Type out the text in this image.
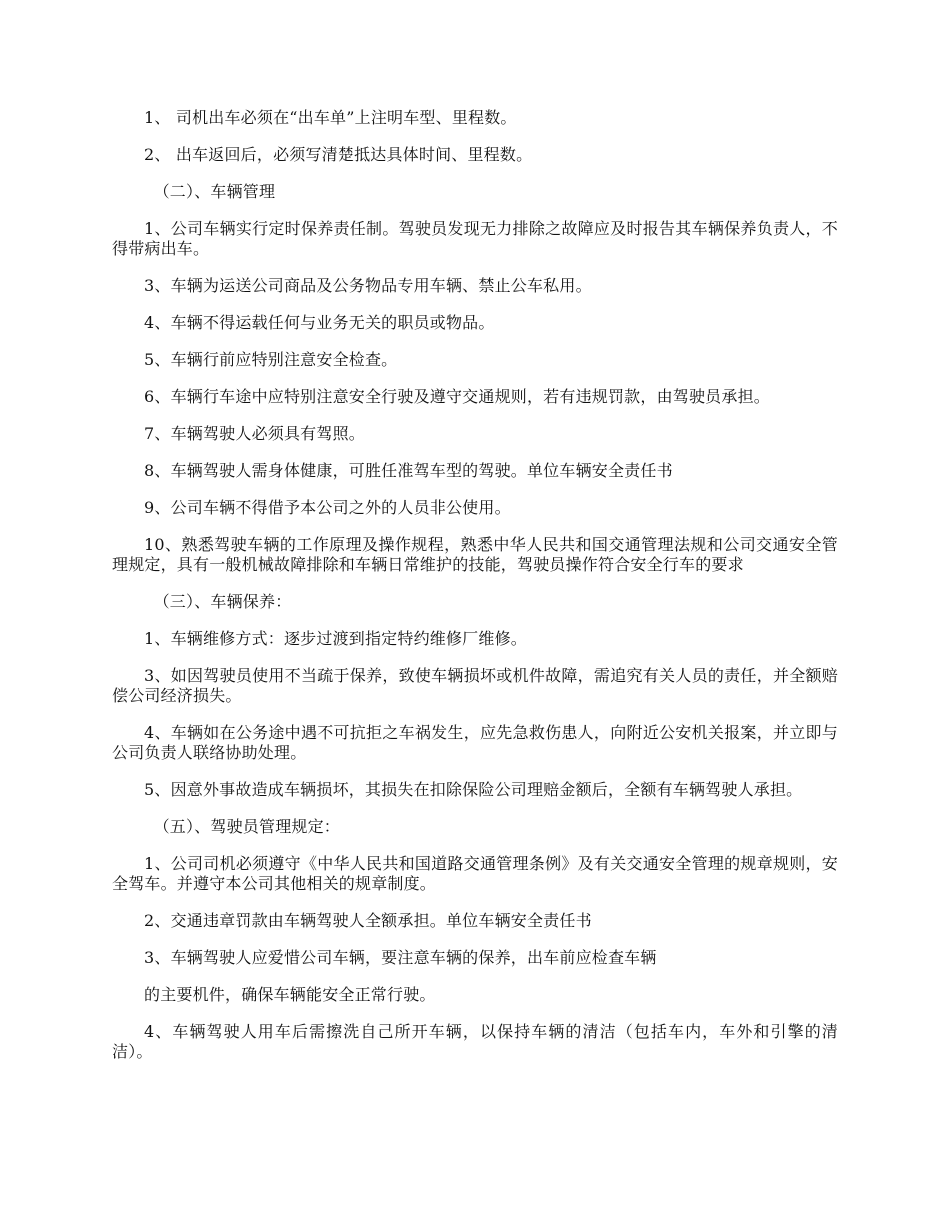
1、 司机出车必须在“出车单”上注明车型、里程数。

2、 出车返回后，必须写清楚抵达具体时间、里程数。

（二）、车辆管理

1、公司车辆实行定时保养责任制。驾驶员发现无力排除之故障应及时报告其车辆保养负责人，不得带病出车。

3、车辆为运送公司商品及公务物品专用车辆、禁止公车私用。

4、车辆不得运载任何与业务无关的职员或物品。

5、车辆行前应特别注意安全检查。

6、车辆行车途中应特别注意安全行驶及遵守交通规则，若有违规罚款，由驾驶员承担。

7、车辆驾驶人必须具有驾照。

8、车辆驾驶人需身体健康，可胜任准驾车型的驾驶。单位车辆安全责任书

9、公司车辆不得借予本公司之外的人员非公使用。

10、熟悉驾驶车辆的工作原理及操作规程，熟悉中华人民共和国交通管理法规和公司交通安全管理规定，具有一般机械故障排除和车辆日常维护的技能，驾驶员操作符合安全行车的要求

（三）、车辆保养：

1、车辆维修方式：逐步过渡到指定特约维修厂维修。

3、如因驾驶员使用不当疏于保养，致使车辆损坏或机件故障，需追究有关人员的责任，并全额赔偿公司经济损失。

4、车辆如在公务途中遇不可抗拒之车祸发生，应先急救伤患人，向附近公安机关报案，并立即与公司负责人联络协助处理。

5、因意外事故造成车辆损坏，其损失在扣除保险公司理赔金额后，全额有车辆驾驶人承担。

（五）、驾驶员管理规定：

1、公司司机必须遵守《中华人民共和国道路交通管理条例》及有关交通安全管理的规章规则，安全驾车。并遵守本公司其他相关的规章制度。

2、交通违章罚款由车辆驾驶人全额承担。单位车辆安全责任书

3、车辆驾驶人应爱惜公司车辆，要注意车辆的保养，出车前应检查车辆

的主要机件，确保车辆能安全正常行驶。

4、车辆驾驶人用车后需擦洗自己所开车辆，以保持车辆的清洁（包括车内，车外和引擎的清洁）。
